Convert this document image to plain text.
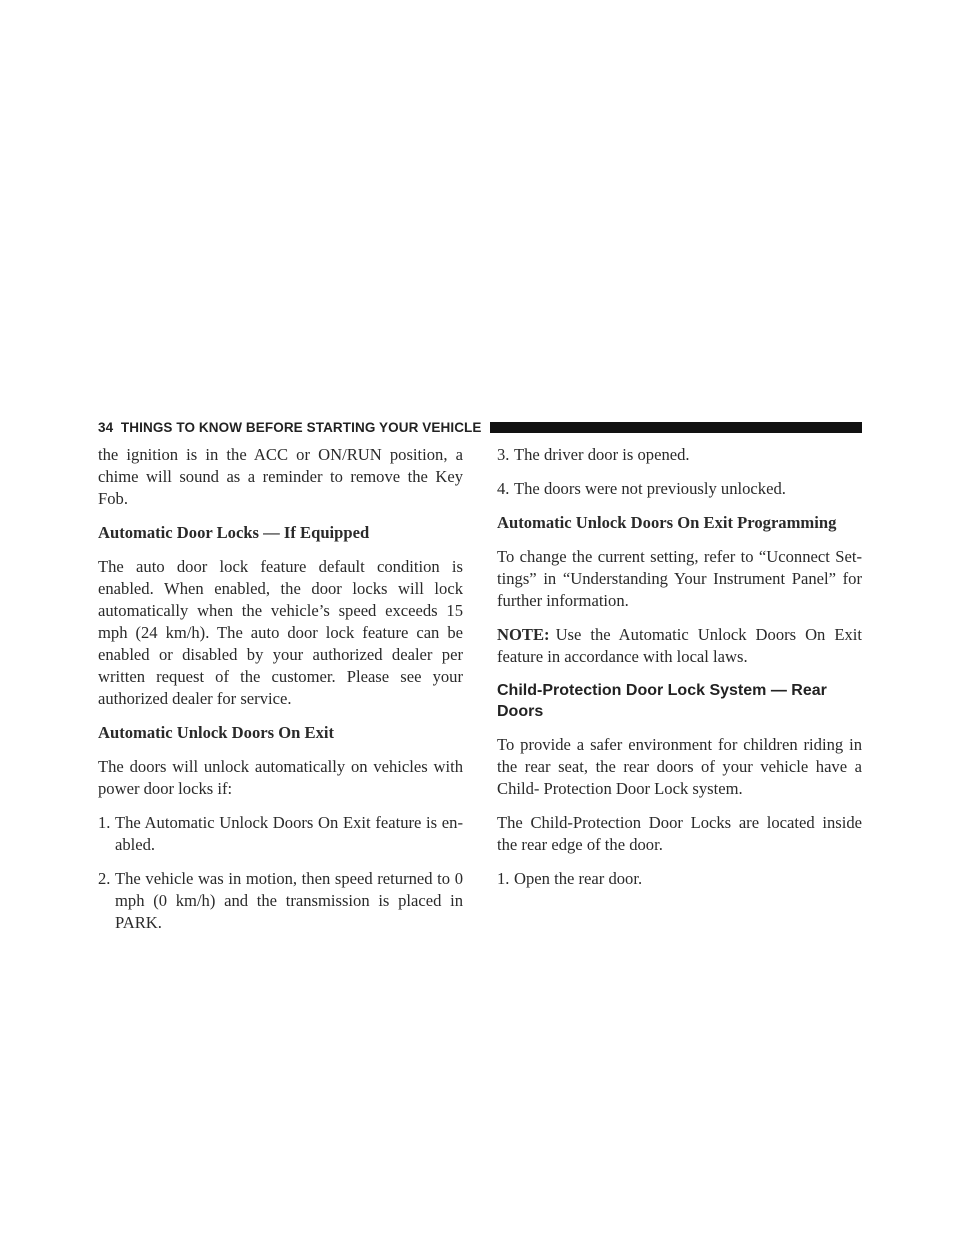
34 THINGS TO KNOW BEFORE STARTING YOUR VEHICLE

the ignition is in the ACC or ON/RUN position, a chime will sound as a reminder to remove the Key Fob.

Automatic Door Locks — If Equipped

The auto door lock feature default condition is enabled. When enabled, the door locks will lock automatically when the vehicle’s speed exceeds 15 mph (24 km/h). The auto door lock feature can be enabled or disabled by your authorized dealer per written request of the customer. Please see your authorized dealer for service.

Automatic Unlock Doors On Exit

The doors will unlock automatically on vehicles with power door locks if:

1. The Automatic Unlock Doors On Exit feature is en- abled.
2. The vehicle was in motion, then speed returned to 0 mph (0 km/h) and the transmission is placed in PARK.
3. The driver door is opened.
4. The doors were not previously unlocked.
Automatic Unlock Doors On Exit Programming

To change the current setting, refer to “Uconnect Set- tings” in “Understanding Your Instrument Panel” for further information.

NOTE: Use the Automatic Unlock Doors On Exit feature in accordance with local laws.

Child-Protection Door Lock System — Rear Doors

To provide a safer environment for children riding in the rear seat, the rear doors of your vehicle have a Child- Protection Door Lock system.

The Child-Protection Door Locks are located inside the rear edge of the door.

1. Open the rear door.
